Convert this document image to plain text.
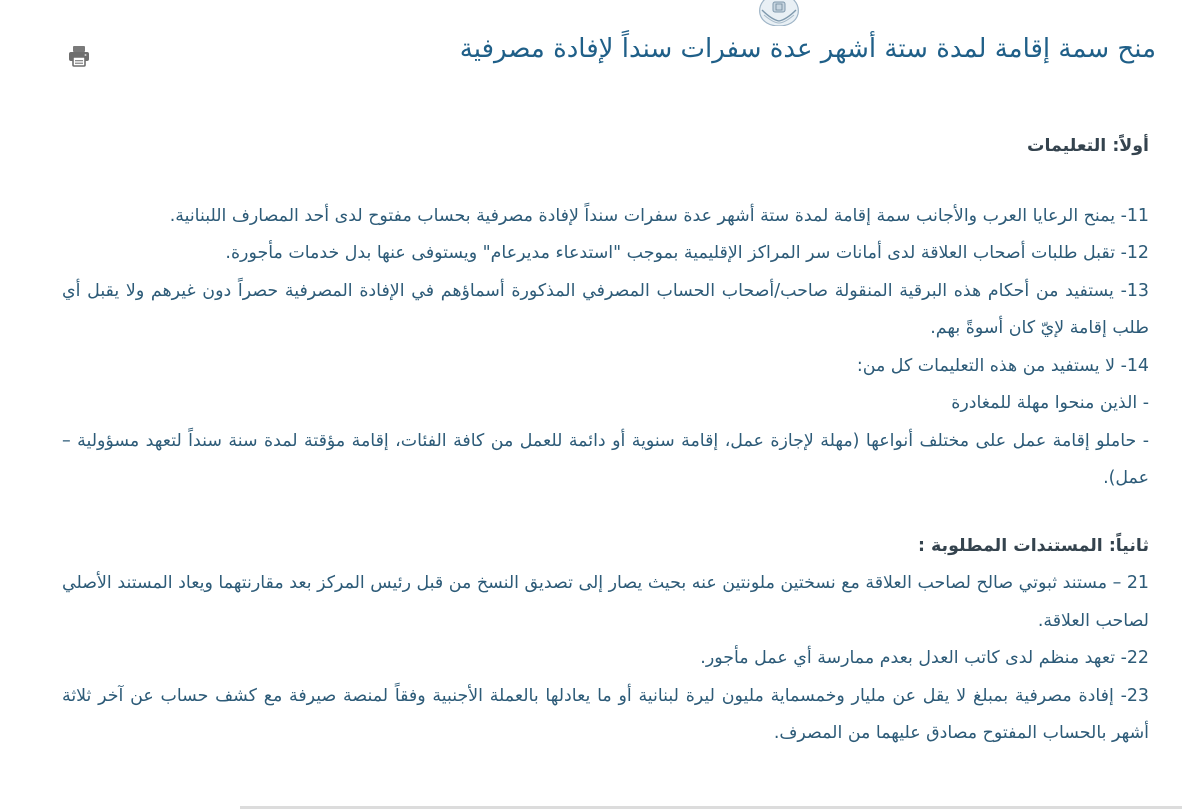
منح سمة إقامة لمدة ستة أشهر عدة سفرات سنداً لإفادة مصرفية

أولاً: التعليمات

11- يمنح الرعايا العرب والأجانب سمة إقامة لمدة ستة أشهر عدة سفرات سنداً لإفادة مصرفية بحساب مفتوح لدى أحد المصارف اللبنانية.

12- تقبل طلبات أصحاب العلاقة لدى أمانات سر المراكز الإقليمية بموجب "استدعاء مديرعام" ويستوفى عنها بدل خدمات مأجورة.

13- يستفيد من أحكام هذه البرقية المنقولة صاحب/أصحاب الحساب المصرفي المذكورة أسماؤهم في الإفادة المصرفية حصراً دون غيرهم ولا يقبل أي طلب إقامة لإيّ كان أسوةً بهم.

14- لا يستفيد من هذه التعليمات كل من:

- الذين منحوا مهلة للمغادرة

- حاملو إقامة عمل على مختلف أنواعها (مهلة لإجازة عمل، إقامة سنوية أو دائمة للعمل من كافة الفئات، إقامة مؤقتة لمدة سنة سنداً لتعهد مسؤولية – عمل).

ثانياً: المستندات المطلوبة :

21 – مستند ثبوتي صالح لصاحب العلاقة مع نسختين ملونتين عنه بحيث يصار إلى تصديق النسخ من قبل رئيس المركز بعد مقارنتهما ويعاد المستند الأصلي لصاحب العلاقة.

22- تعهد منظم لدى كاتب العدل بعدم ممارسة أي عمل مأجور.

23- إفادة مصرفية بمبلغ لا يقل عن مليار وخمسماية مليون ليرة لبنانية أو ما يعادلها بالعملة الأجنبية وفقاً لمنصة صيرفة مع كشف حساب عن آخر ثلاثة أشهر بالحساب المفتوح مصادق عليهما من المصرف.
